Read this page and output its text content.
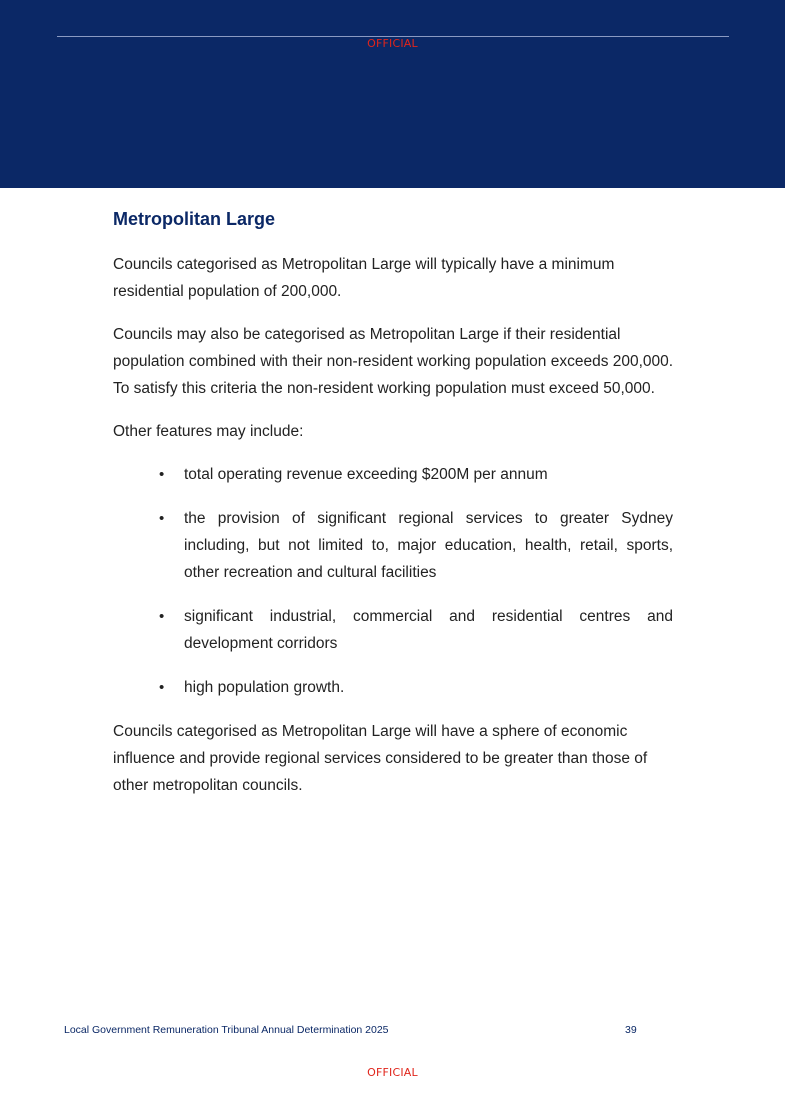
OFFICIAL
Metropolitan Large

Councils categorised as Metropolitan Large will typically have a minimum residential population of 200,000.

Councils may also be categorised as Metropolitan Large if their residential population combined with their non-resident working population exceeds 200,000. To satisfy this criteria the non-resident working population must exceed 50,000.

Other features may include:

• total operating revenue exceeding $200M per annum
• the provision of significant regional services to greater Sydney including, but not limited to, major education, health, retail, sports, other recreation and cultural facilities
• significant industrial, commercial and residential centres and development corridors
• high population growth.

Councils categorised as Metropolitan Large will have a sphere of economic influence and provide regional services considered to be greater than those of other metropolitan councils.

Local Government Remuneration Tribunal Annual Determination 2025	39
OFFICIAL
